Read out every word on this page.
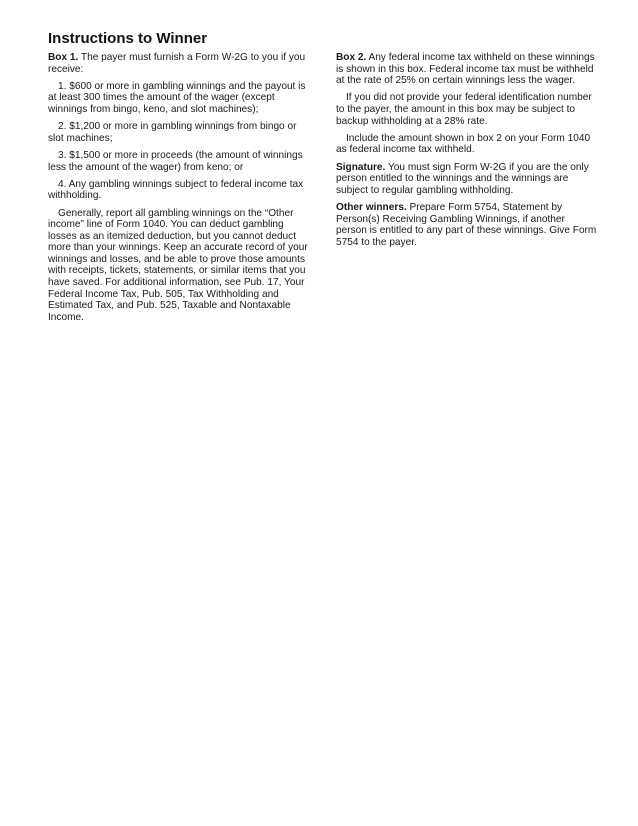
Instructions to Winner

Box 1. The payer must furnish a Form W-2G to you if you receive:

1. $600 or more in gambling winnings and the payout is at least 300 times the amount of the wager (except winnings from bingo, keno, and slot machines);

2. $1,200 or more in gambling winnings from bingo or slot machines;

3. $1,500 or more in proceeds (the amount of winnings less the amount of the wager) from keno; or

4. Any gambling winnings subject to federal income tax withholding.

Generally, report all gambling winnings on the “Other income” line of Form 1040. You can deduct gambling losses as an itemized deduction, but you cannot deduct more than your winnings. Keep an accurate record of your winnings and losses, and be able to prove those amounts with receipts, tickets, statements, or similar items that you have saved. For additional information, see Pub. 17, Your Federal Income Tax, Pub. 505, Tax Withholding and Estimated Tax, and Pub. 525, Taxable and Nontaxable Income.

Box 2. Any federal income tax withheld on these winnings is shown in this box. Federal income tax must be withheld at the rate of 25% on certain winnings less the wager.

If you did not provide your federal identification number to the payer, the amount in this box may be subject to backup withholding at a 28% rate.

Include the amount shown in box 2 on your Form 1040 as federal income tax withheld.

Signature. You must sign Form W-2G if you are the only person entitled to the winnings and the winnings are subject to regular gambling withholding.

Other winners. Prepare Form 5754, Statement by Person(s) Receiving Gambling Winnings, if another person is entitled to any part of these winnings. Give Form 5754 to the payer.
